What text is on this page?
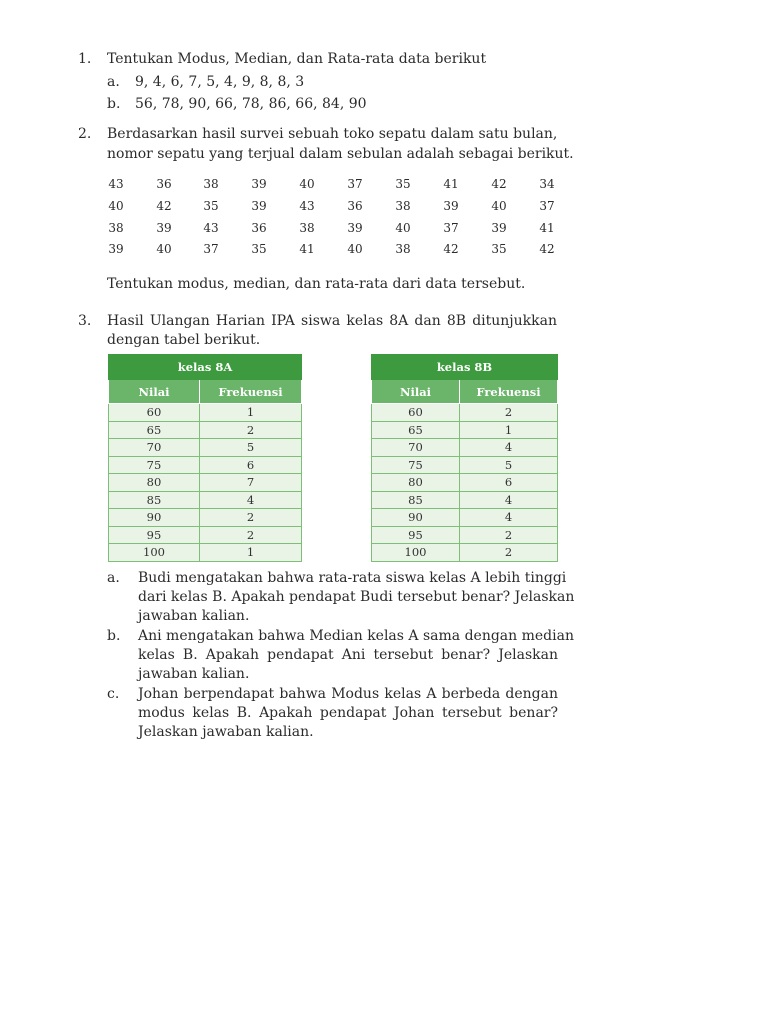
1. Tentukan Modus, Median, dan Rata-rata data berikut
a. 9, 4, 6, 7, 5, 4, 9, 8, 8, 3
b. 56, 78, 90, 66, 78, 86, 66, 84, 90
2. Berdasarkan hasil survei sebuah toko sepatu dalam satu bulan,
nomor sepatu yang terjual dalam sebulan adalah sebagai berikut.
43	36	38	39	40	37	35	41	42	34
40	42	35	39	43	36	38	39	40	37
38	39	43	36	38	39	40	37	39	41
39	40	37	35	41	40	38	42	35	42
Tentukan modus, median, dan rata-rata dari data tersebut.
3. Hasil Ulangan Harian IPA siswa kelas 8A dan 8B ditunjukkan
dengan tabel berikut.
kelas 8A	
Nilai	Frekuensi
60	1
65	2
70	5
75	6
80	7
85	4
90	2
95	2
100	1
kelas 8B	
Nilai	Frekuensi
60	2
65	1
70	4
75	5
80	6
85	4
90	4
95	2
100	2
a. Budi mengatakan bahwa rata-rata siswa kelas A lebih tinggi
dari kelas B. Apakah pendapat Budi tersebut benar? Jelaskan
jawaban kalian.
b. Ani mengatakan bahwa Median kelas A sama dengan median
kelas B. Apakah pendapat Ani tersebut benar? Jelaskan
jawaban kalian.
c. Johan berpendapat bahwa Modus kelas A berbeda dengan
modus kelas B. Apakah pendapat Johan tersebut benar?
Jelaskan jawaban kalian.
